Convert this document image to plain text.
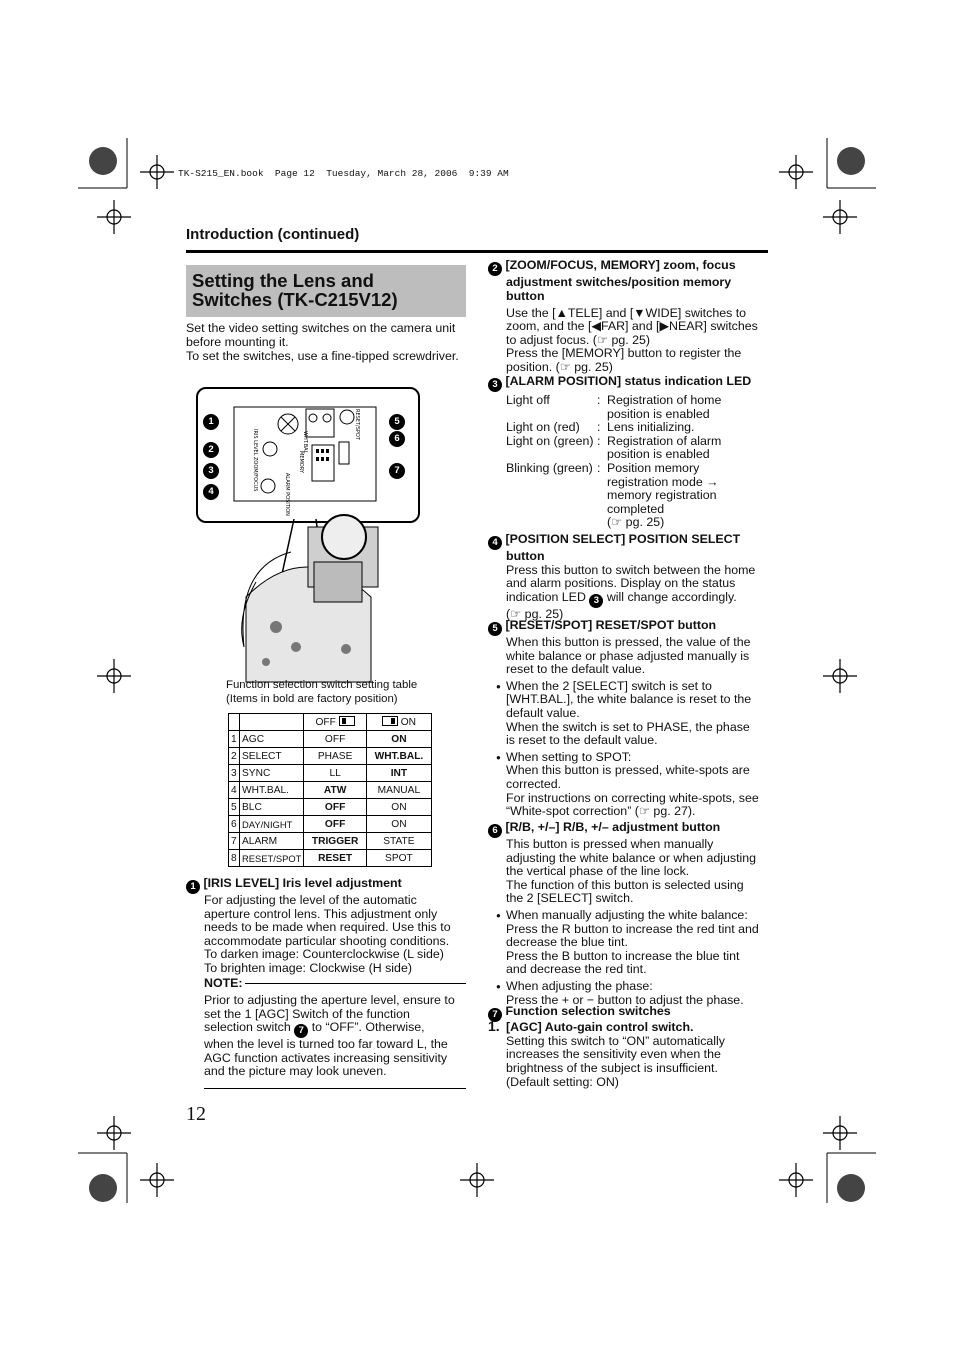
TK-S215_EN.book  Page 12  Tuesday, March 28, 2006  9:39 AM
Introduction (continued)
Setting the Lens and
Switches (TK-C215V12)
Set the video setting switches on the camera unit before mounting it.
To set the switches, use a fine-tipped screwdriver.
IRIS LEVEL
MEMORY
ZOOM/FOCUS	ALARM POSITION
RESET/SPOT
WHT.BAL
1
2
3
4
5
6
7
Function selection switch setting table
(Items in bold are factory position)
		OFF	ON
1	AGC	OFF	ON
2	SELECT	PHASE	WHT.BAL.
3	SYNC	LL	INT
4	WHT.BAL.	ATW	MANUAL
5	BLC	OFF	ON
6	DAY/NIGHT	OFF	ON
7	ALARM	TRIGGER	STATE
8	RESET/SPOT	RESET	SPOT
1 [IRIS LEVEL] Iris level adjustment
For adjusting the level of the automatic
aperture control lens. This adjustment only
needs to be made when required. Use this to
accommodate particular shooting conditions.
To darken image: Counterclockwise (L side)
To brighten image: Clockwise (H side)
NOTE:
Prior to adjusting the aperture level, ensure to
set the 1 [AGC] Switch of the function
selection switch 7 to “OFF”. Otherwise,
when the level is turned too far toward L, the
AGC function activates increasing sensitivity
and the picture may look uneven.
2 [ZOOM/FOCUS, MEMORY] zoom, focus
adjustment switches/position memory
button
Use the [▲TELE] and [▼WIDE] switches to
zoom, and the [◀FAR] and [▶NEAR] switches
to adjust focus. (☞ pg. 25)
Press the [MEMORY] button to register the
position. (☞ pg. 25)
3 [ALARM POSITION] status indication LED
Light off	: Registration of home
position is enabled
Light on (red)	: Lens initializing.
Light on (green) : Registration of alarm
position is enabled
Blinking (green) : Position memory
registration mode →
memory registration
completed
(☞ pg. 25)
4 [POSITION SELECT] POSITION SELECT
button
Press this button to switch between the home
and alarm positions. Display on the status
indication LED 3 will change accordingly.
(☞ pg. 25)
5 [RESET/SPOT] RESET/SPOT button
When this button is pressed, the value of the
white balance or phase adjusted manually is
reset to the default value.
● When the 2 [SELECT] switch is set to
[WHT.BAL.], the white balance is reset to the
default value.
When the switch is set to PHASE, the phase
is reset to the default value.
● When setting to SPOT:
When this button is pressed, white-spots are
corrected.
For instructions on correcting white-spots, see
“White-spot correction” (☞ pg. 27).
6 [R/B, +/–] R/B, +/– adjustment button
This button is pressed when manually
adjusting the white balance or when adjusting
the vertical phase of the line lock.
The function of this button is selected using
the 2 [SELECT] switch.
● When manually adjusting the white balance:
Press the R button to increase the red tint and
decrease the blue tint.
Press the B button to increase the blue tint
and decrease the red tint.
● When adjusting the phase:
Press the + or − button to adjust the phase.
7 Function selection switches
1. [AGC] Auto-gain control switch.
Setting this switch to “ON” automatically
increases the sensitivity even when the
brightness of the subject is insufficient.
(Default setting: ON)
12
